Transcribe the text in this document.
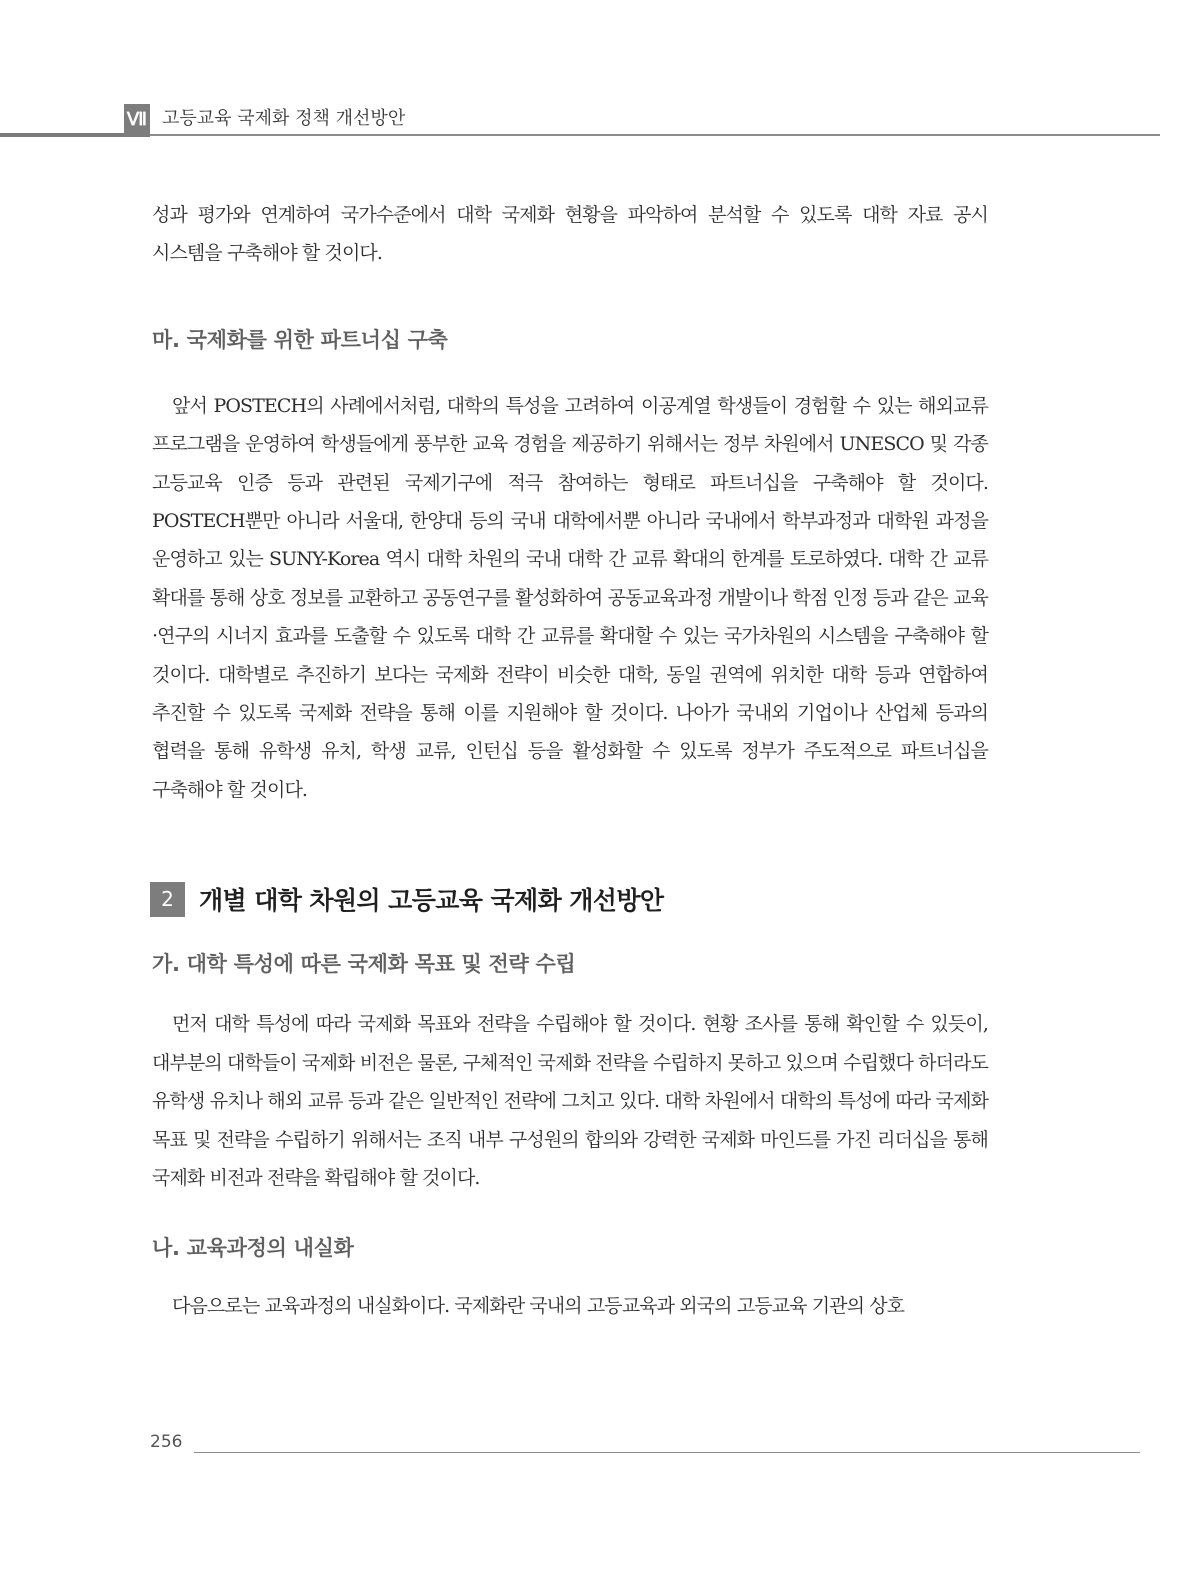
Ⅶ 고등교육 국제화 정책 개선방안

성과 평가와 연계하여 국가수준에서 대학 국제화 현황을 파악하여 분석할 수 있도록 대학 자료 공시 시스템을 구축해야 할 것이다.

마. 국제화를 위한 파트너십 구축

앞서 POSTECH의 사례에서처럼, 대학의 특성을 고려하여 이공계열 학생들이 경험할 수 있는 해외교류 프로그램을 운영하여 학생들에게 풍부한 교육 경험을 제공하기 위해서는 정부 차원에서 UNESCO 및 각종 고등교육 인증 등과 관련된 국제기구에 적극 참여하는 형태로 파트너십을 구축해야 할 것이다. POSTECH뿐만 아니라 서울대, 한양대 등의 국내 대학에서뿐 아니라 국내에서 학부과정과 대학원 과정을 운영하고 있는 SUNY-Korea 역시 대학 차원의 국내 대학 간 교류 확대의 한계를 토로하였다. 대학 간 교류 확대를 통해 상호 정보를 교환하고 공동연구를 활성화하여 공동교육과정 개발이나 학점 인정 등과 같은 교육·연구의 시너지 효과를 도출할 수 있도록 대학 간 교류를 확대할 수 있는 국가차원의 시스템을 구축해야 할 것이다. 대학별로 추진하기 보다는 국제화 전략이 비슷한 대학, 동일 권역에 위치한 대학 등과 연합하여 추진할 수 있도록 국제화 전략을 통해 이를 지원해야 할 것이다. 나아가 국내외 기업이나 산업체 등과의 협력을 통해 유학생 유치, 학생 교류, 인턴십 등을 활성화할 수 있도록 정부가 주도적으로 파트너십을 구축해야 할 것이다.

2	개별 대학 차원의 고등교육 국제화 개선방안
가. 대학 특성에 따른 국제화 목표 및 전략 수립

먼저 대학 특성에 따라 국제화 목표와 전략을 수립해야 할 것이다. 현황 조사를 통해 확인할 수 있듯이, 대부분의 대학들이 국제화 비전은 물론, 구체적인 국제화 전략을 수립하지 못하고 있으며 수립했다 하더라도 유학생 유치나 해외 교류 등과 같은 일반적인 전략에 그치고 있다. 대학 차원에서 대학의 특성에 따라 국제화 목표 및 전략을 수립하기 위해서는 조직 내부 구성원의 합의와 강력한 국제화 마인드를 가진 리더십을 통해 국제화 비전과 전략을 확립해야 할 것이다.

나. 교육과정의 내실화

다음으로는 교육과정의 내실화이다. 국제화란 국내의 고등교육과 외국의 고등교육 기관의 상호

256
